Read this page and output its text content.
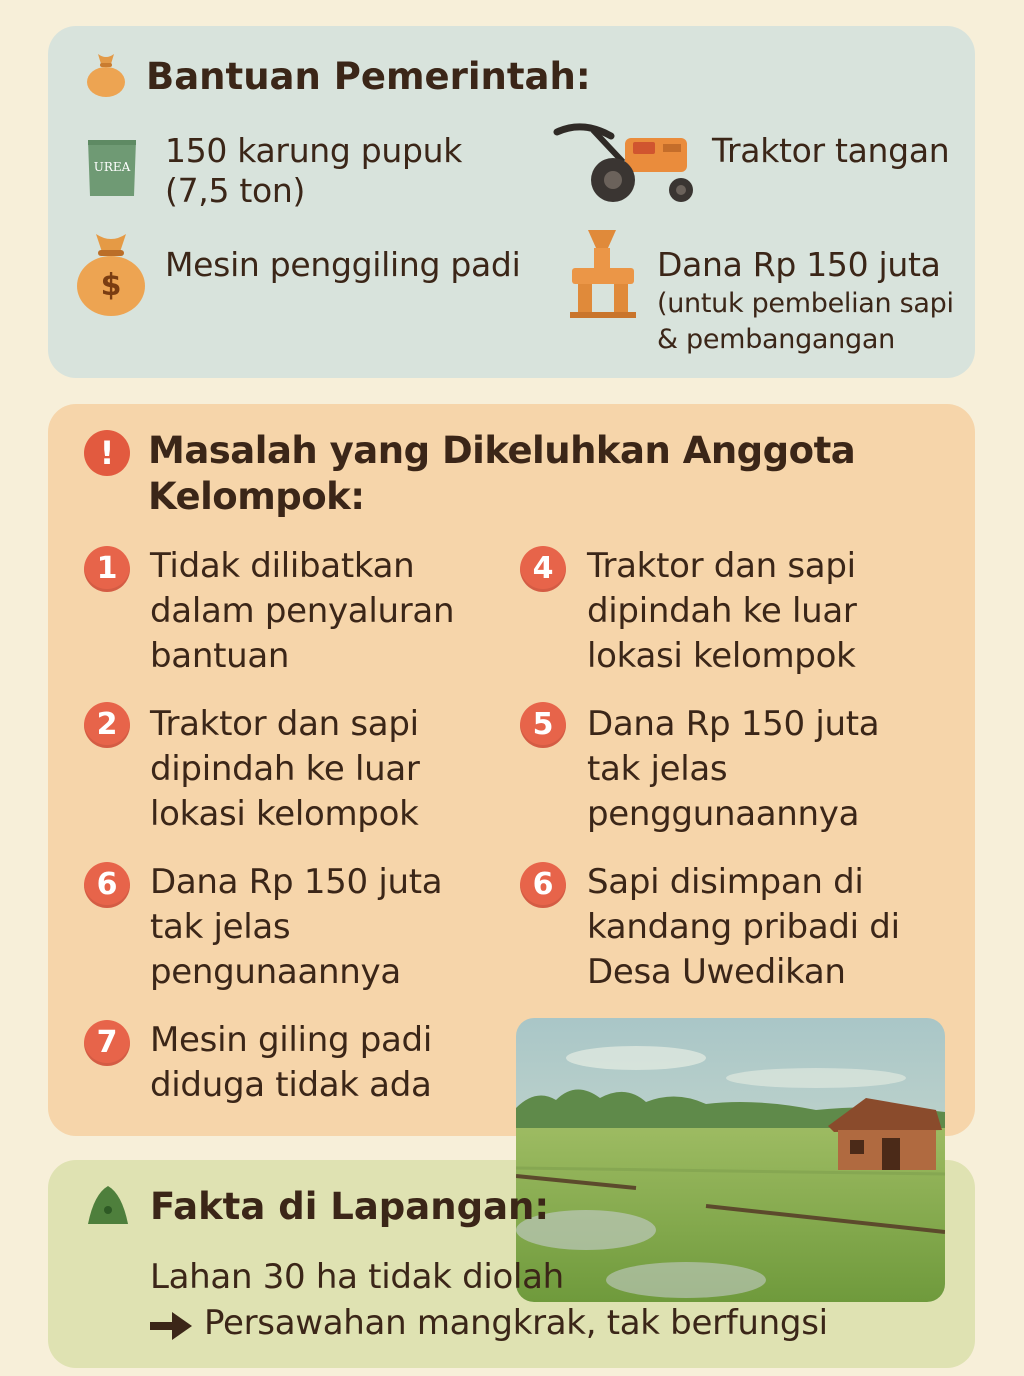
Bantuan Pemerintah:
UREA 150 karung pupuk
(7,5 ton)
Traktor tangan
$
Mesin penggiling padi	Dana Rp 150 juta
(untuk pembelian sapi
& pembangangan
! Masalah yang Dikeluhkan Anggota
Kelompok:
1 Tidak dilibatkan dalam penyaluran bantuan
4 Traktor dan sapi dipindah ke luar lokasi kelompok
2 Traktor dan sapi dipindah ke luar lokasi kelompok
5 Dana Rp 150 juta tak jelas penggunaannya
6 Dana Rp 150 juta tak jelas pengunaannya
6 Sapi disimpan di kandang pribadi di Desa Uwedikan
7 Mesin giling padi diduga tidak ada
Fakta di Lapangan:
Lahan 30 ha tidak diolah
Persawahan mangkrak, tak berfungsi
